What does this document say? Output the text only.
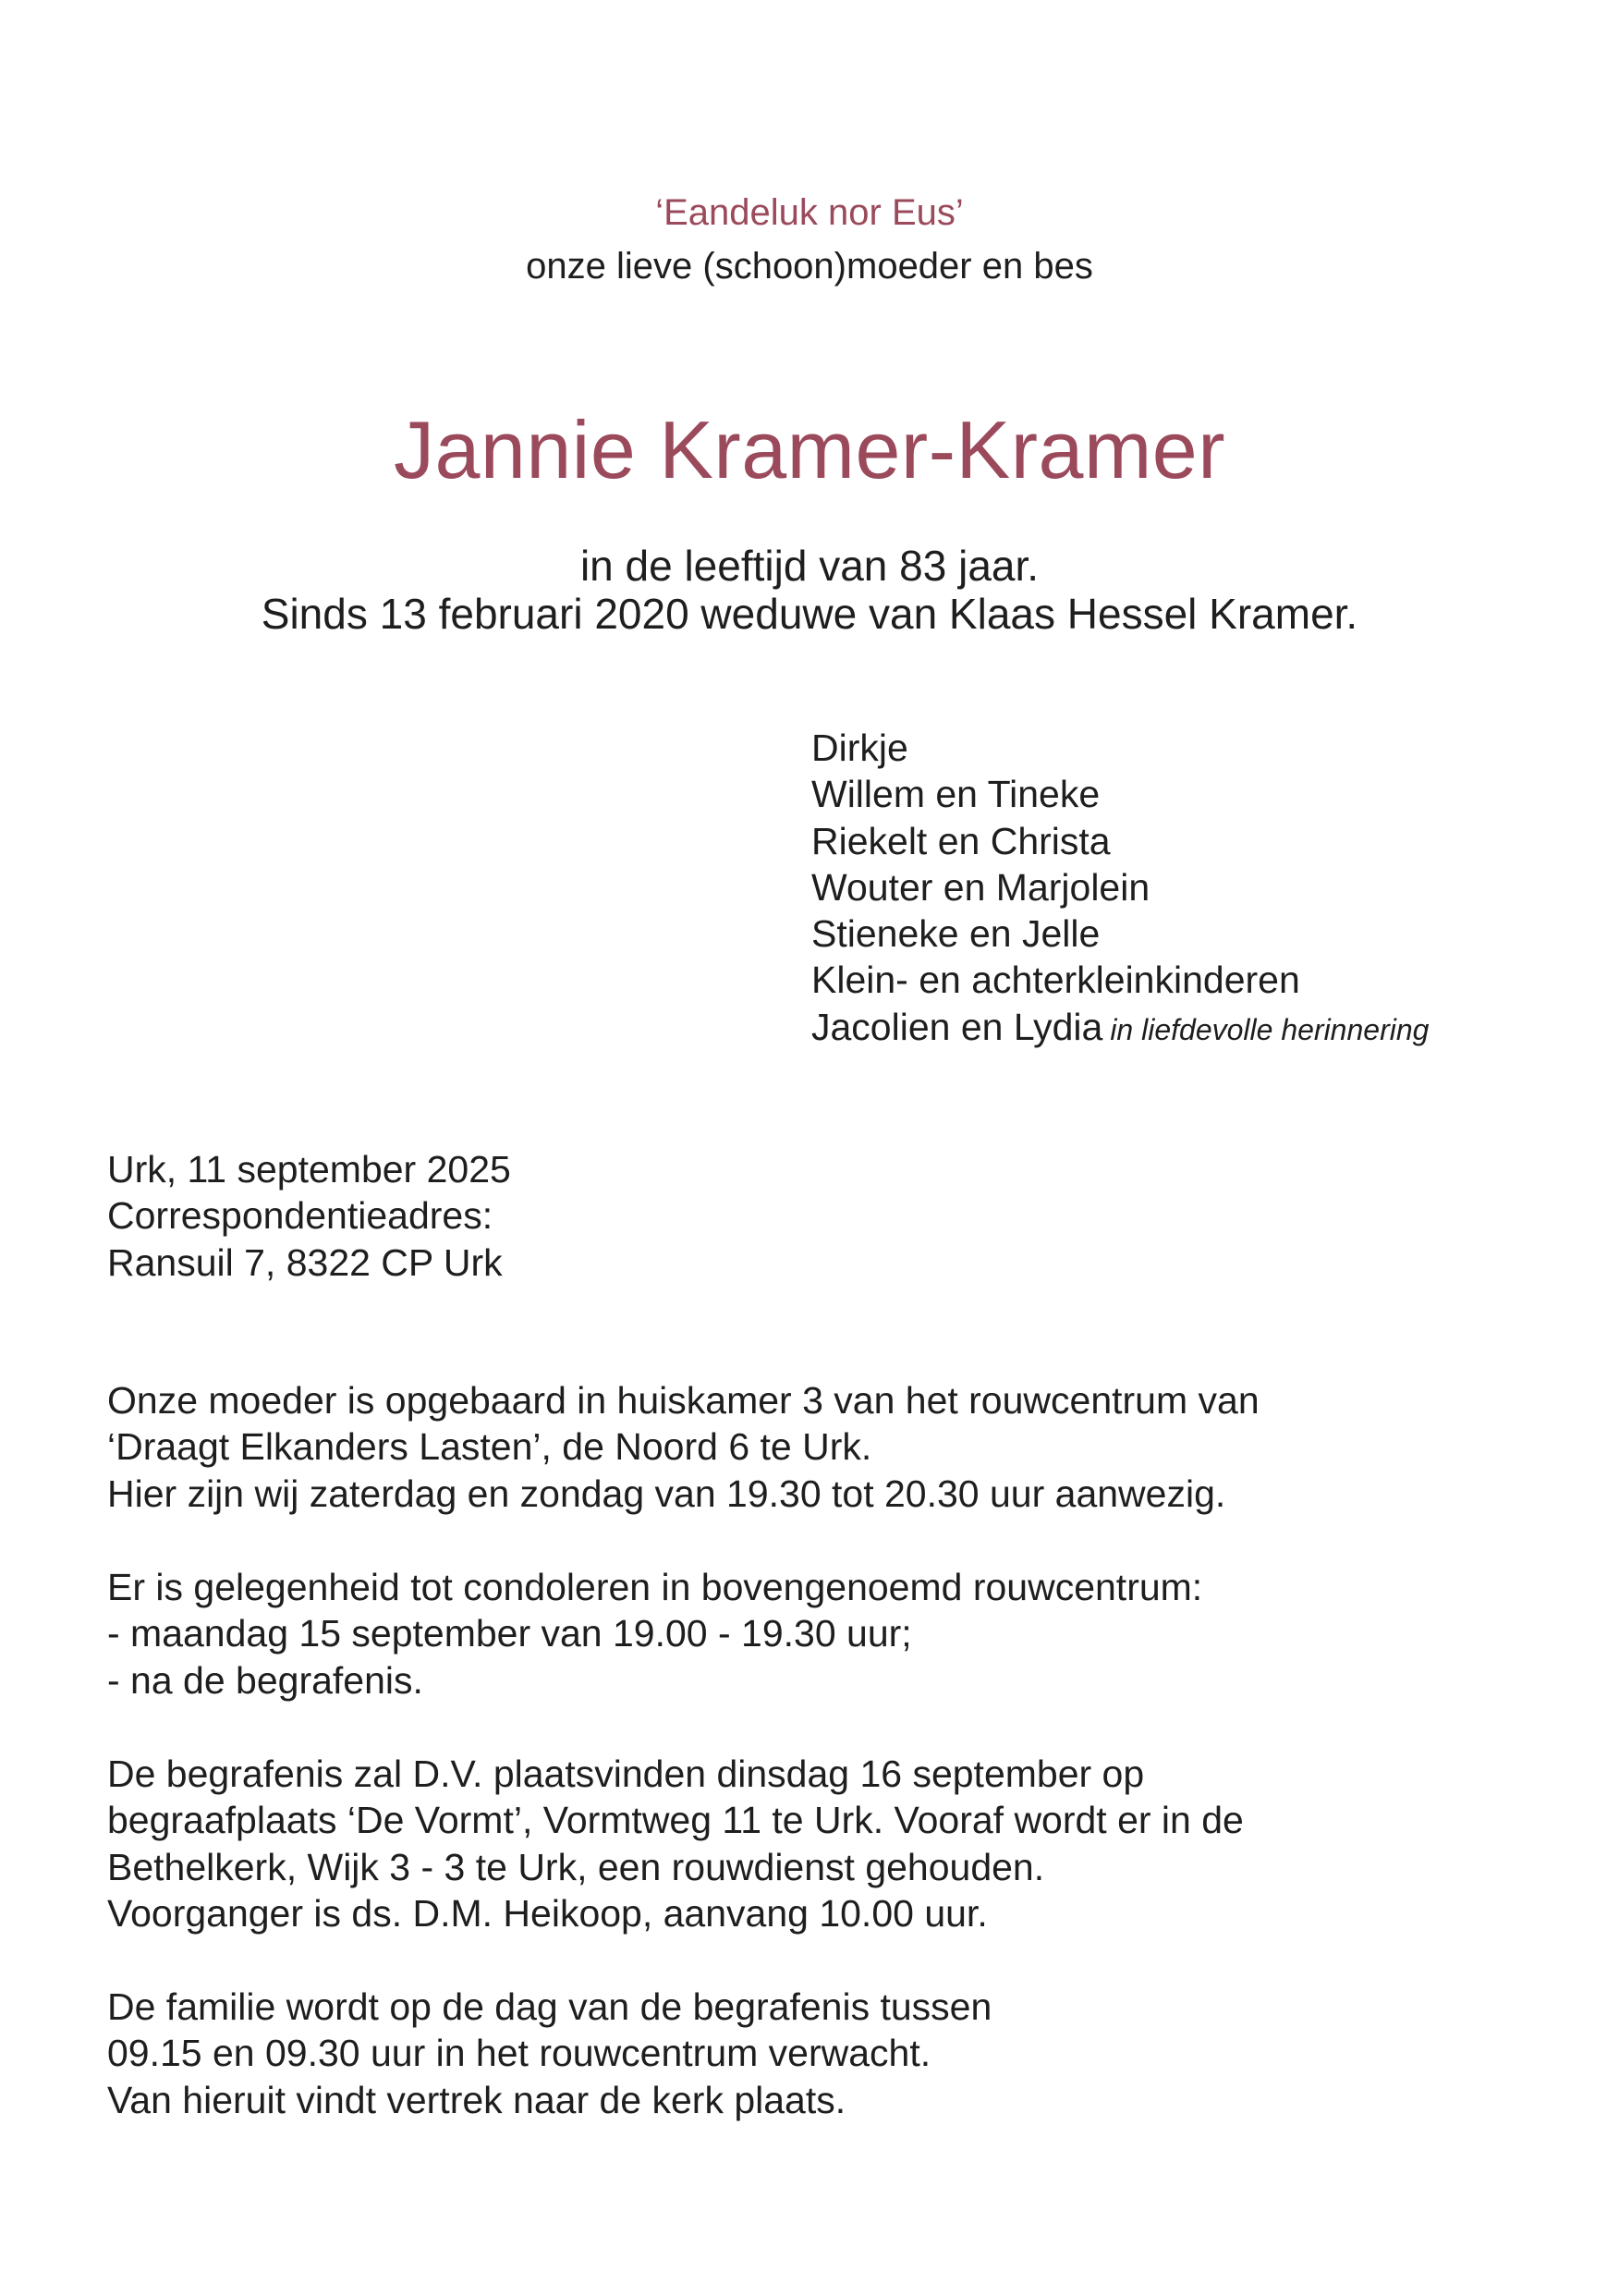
‘Eandeluk nor Eus’
onze lieve (schoon)moeder en bes
Jannie Kramer-Kramer
in de leeftijd van 83 jaar.
Sinds 13 februari 2020 weduwe van Klaas Hessel Kramer.
Dirkje
Willem en Tineke
Riekelt en Christa
Wouter en Marjolein
Stieneke en Jelle
Klein- en achterkleinkinderen
Jacolien en Lydia in liefdevolle herinnering
Urk, 11 september 2025
Correspondentieadres:
Ransuil 7, 8322 CP Urk
Onze moeder is opgebaard in huiskamer 3 van het rouwcentrum van
‘Draagt Elkanders Lasten’, de Noord 6 te Urk.
Hier zijn wij zaterdag en zondag van 19.30 tot 20.30 uur aanwezig.
Er is gelegenheid tot condoleren in bovengenoemd rouwcentrum:
- maandag 15 september van 19.00 - 19.30 uur;
- na de begrafenis.
De begrafenis zal D.V. plaatsvinden dinsdag 16 september op
begraafplaats ‘De Vormt’, Vormtweg 11 te Urk. Vooraf wordt er in de
Bethelkerk, Wijk 3 - 3 te Urk, een rouwdienst gehouden.
Voorganger is ds. D.M. Heikoop, aanvang 10.00 uur.
De familie wordt op de dag van de begrafenis tussen
09.15 en 09.30 uur in het rouwcentrum verwacht.
Van hieruit vindt vertrek naar de kerk plaats.
